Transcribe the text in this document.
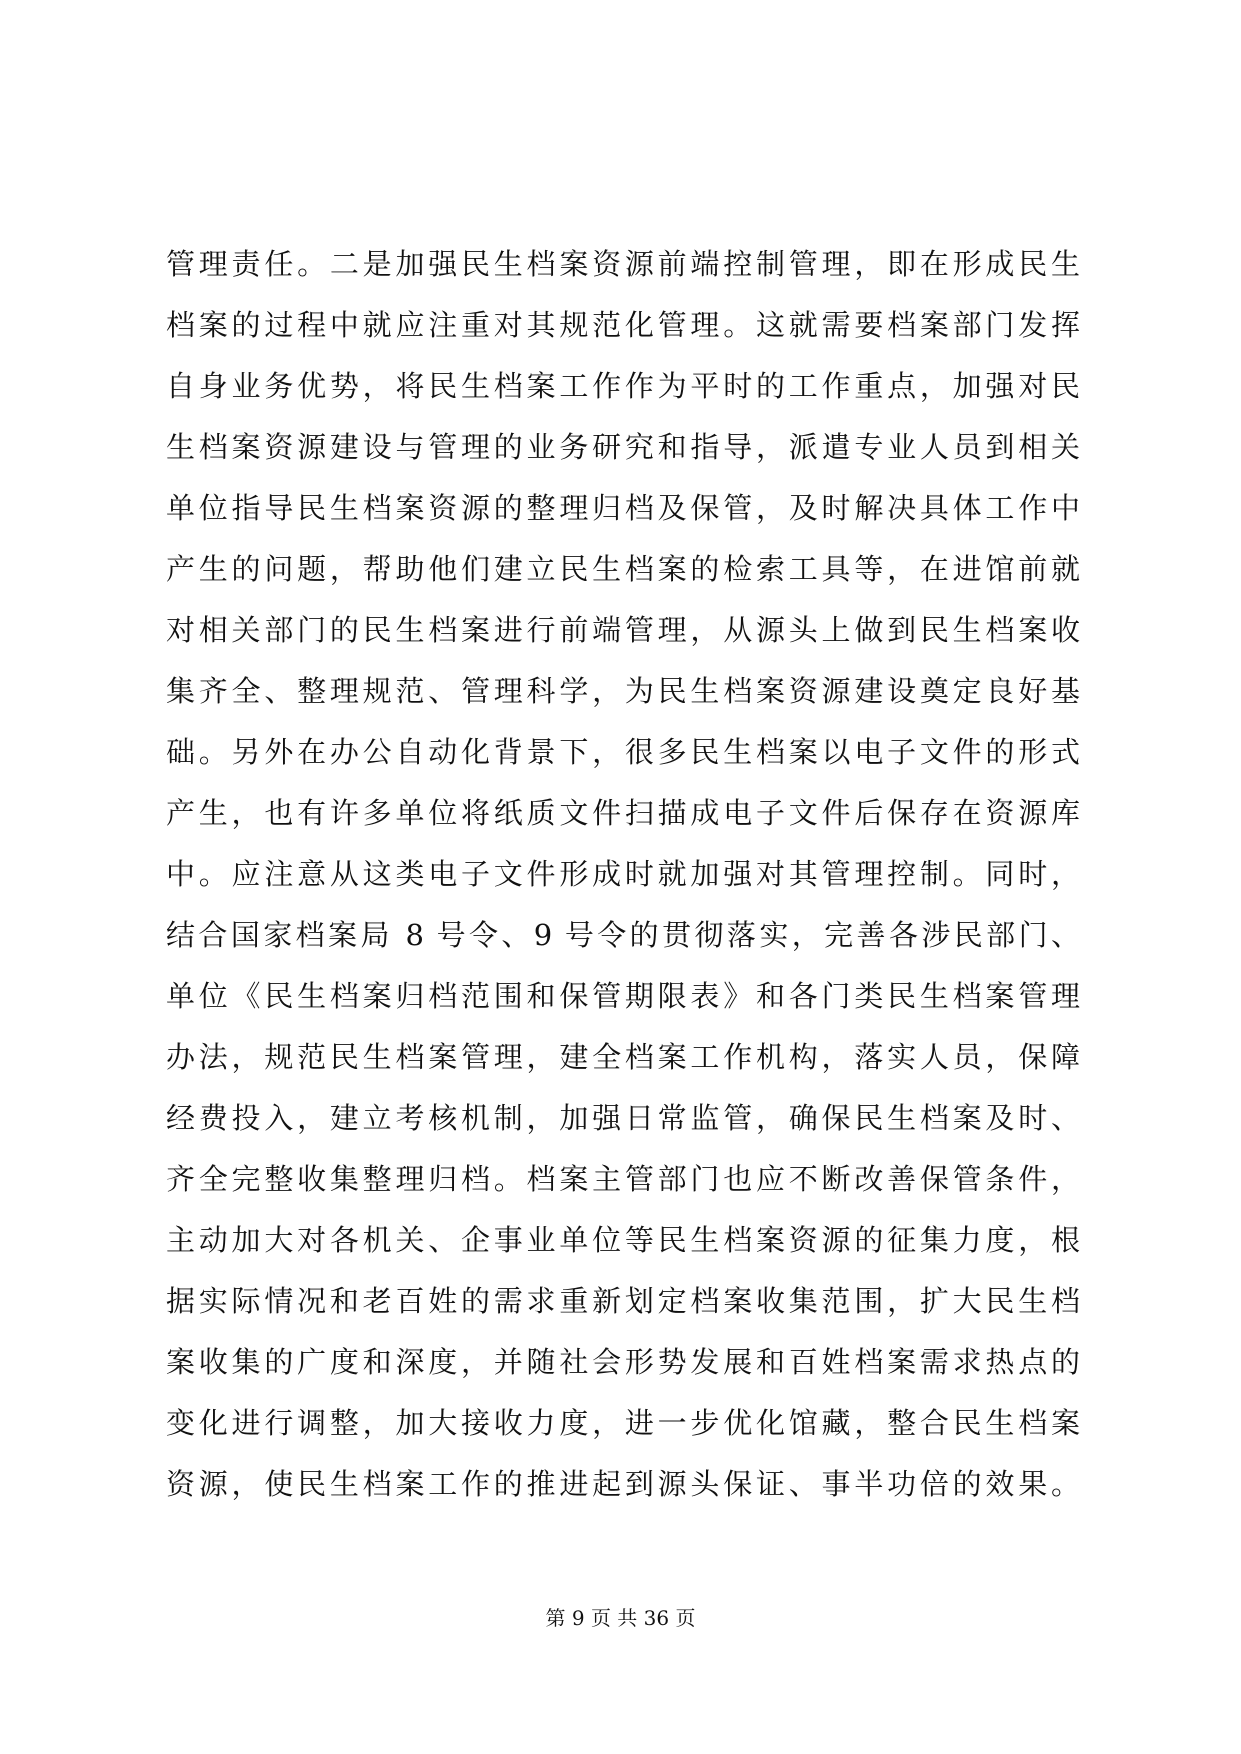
管理责任。二是加强民生档案资源前端控制管理，即在形成民生
档案的过程中就应注重对其规范化管理。这就需要档案部门发挥
自身业务优势，将民生档案工作作为平时的工作重点，加强对民
生档案资源建设与管理的业务研究和指导，派遣专业人员到相关
单位指导民生档案资源的整理归档及保管，及时解决具体工作中
产生的问题，帮助他们建立民生档案的检索工具等，在进馆前就
对相关部门的民生档案进行前端管理，从源头上做到民生档案收
集齐全、整理规范、管理科学，为民生档案资源建设奠定良好基
础。另外在办公自动化背景下，很多民生档案以电子文件的形式
产生，也有许多单位将纸质文件扫描成电子文件后保存在资源库
中。应注意从这类电子文件形成时就加强对其管理控制。同时，
结合国家档案局 8 号令、9 号令的贯彻落实，完善各涉民部门、
单位《民生档案归档范围和保管期限表》和各门类民生档案管理
办法，规范民生档案管理，建全档案工作机构，落实人员，保障
经费投入，建立考核机制，加强日常监管，确保民生档案及时、
齐全完整收集整理归档。档案主管部门也应不断改善保管条件，
主动加大对各机关、企事业单位等民生档案资源的征集力度，根
据实际情况和老百姓的需求重新划定档案收集范围，扩大民生档
案收集的广度和深度，并随社会形势发展和百姓档案需求热点的
变化进行调整，加大接收力度，进一步优化馆藏，整合民生档案
资源，使民生档案工作的推进起到源头保证、事半功倍的效果。
第 9 页 共 36 页
